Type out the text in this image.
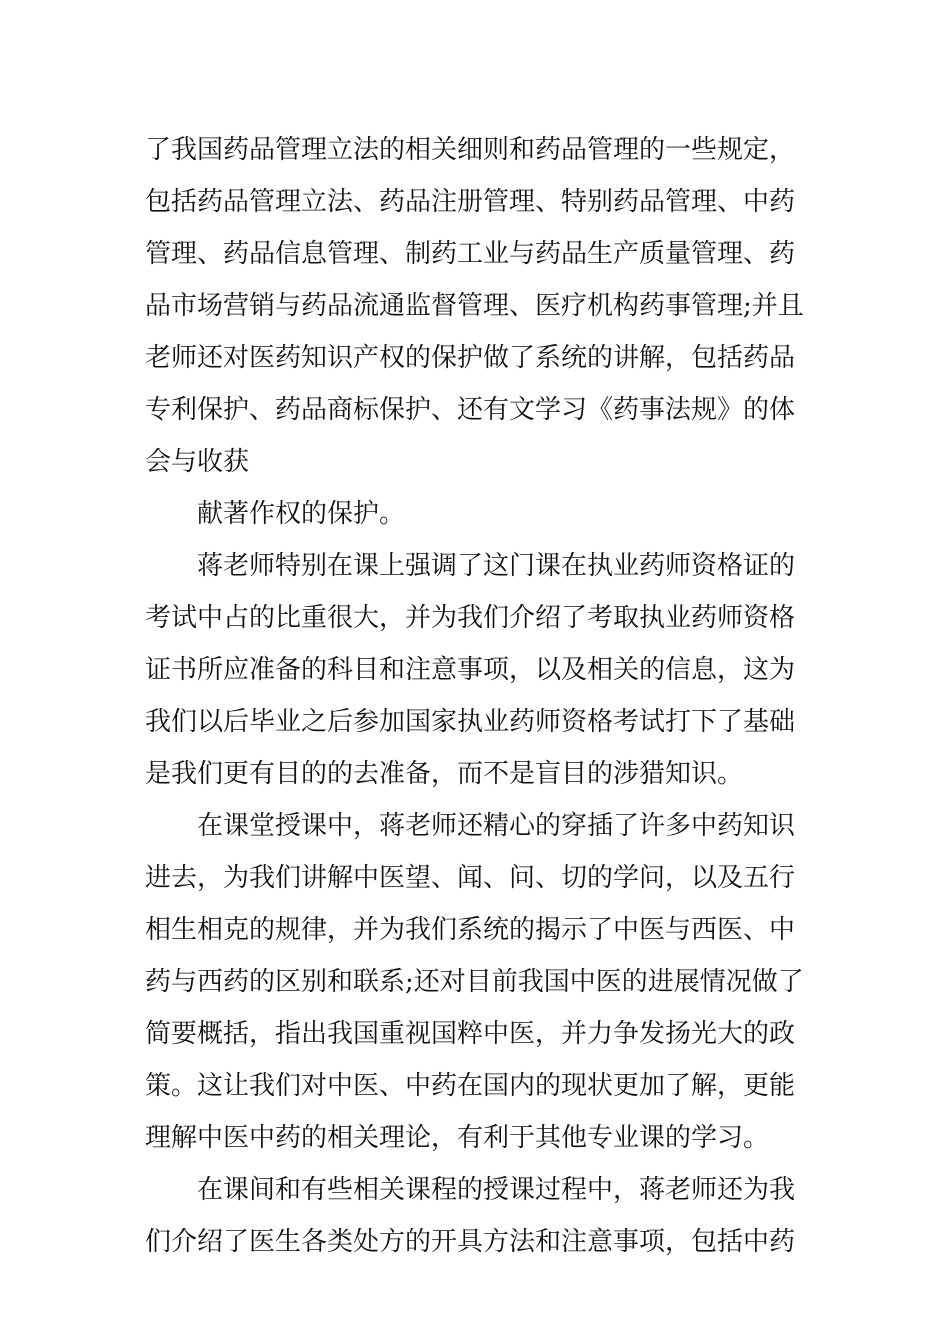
了我国药品管理立法的相关细则和药品管理的一些规定，
包括药品管理立法、药品注册管理、特别药品管理、中药
管理、药品信息管理、制药工业与药品生产质量管理、药
品市场营销与药品流通监督管理、医疗机构药事管理;并且
老师还对医药知识产权的保护做了系统的讲解，包括药品
专利保护、药品商标保护、还有文学习《药事法规》的体
会与收获
献著作权的保护。
蒋老师特别在课上强调了这门课在执业药师资格证的
考试中占的比重很大，并为我们介绍了考取执业药师资格
证书所应准备的科目和注意事项，以及相关的信息，这为
我们以后毕业之后参加国家执业药师资格考试打下了基础
是我们更有目的的去准备，而不是盲目的涉猎知识。
在课堂授课中，蒋老师还精心的穿插了许多中药知识
进去，为我们讲解中医望、闻、问、切的学问，以及五行
相生相克的规律，并为我们系统的揭示了中医与西医、中
药与西药的区别和联系;还对目前我国中医的进展情况做了
简要概括，指出我国重视国粹中医，并力争发扬光大的政
策。这让我们对中医、中药在国内的现状更加了解，更能
理解中医中药的相关理论，有利于其他专业课的学习。
在课间和有些相关课程的授课过程中，蒋老师还为我
们介绍了医生各类处方的开具方法和注意事项，包括中药
